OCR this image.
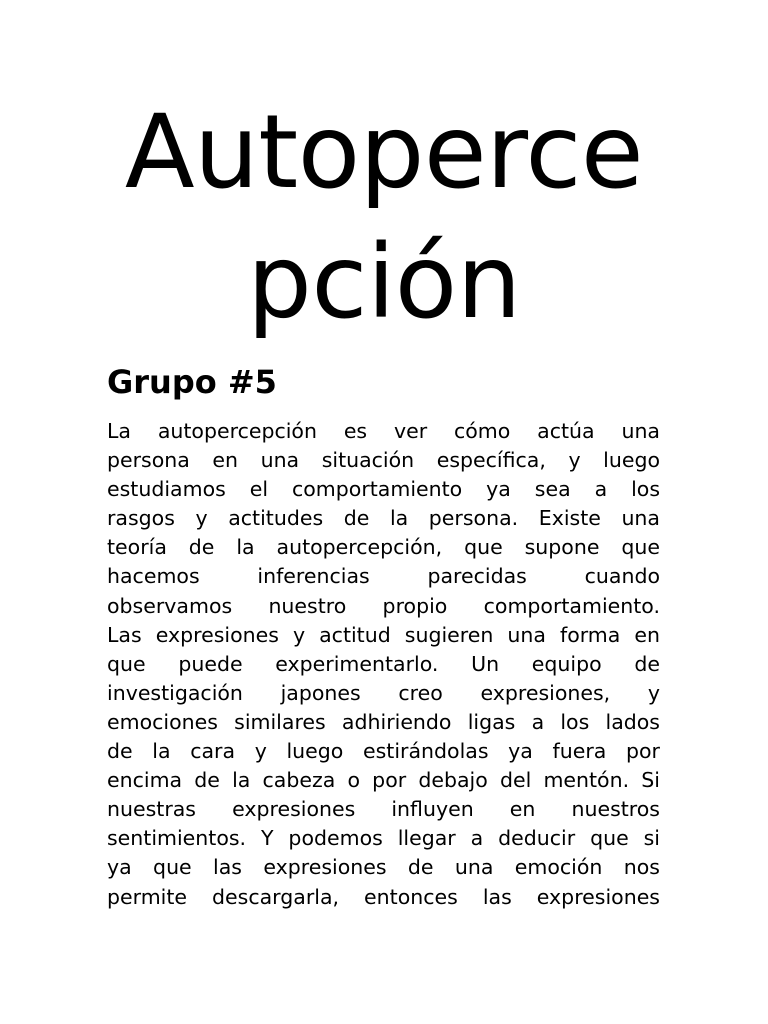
Autoperce
pción
Grupo #5
La autopercepción es ver cómo actúa una
persona en una situación específica, y luego
estudiamos el comportamiento ya sea a los
rasgos y actitudes de la persona. Existe una
teoría de la autopercepción, que supone que
hacemos inferencias parecidas cuando
observamos nuestro propio comportamiento.
Las expresiones y actitud sugieren una forma en
que puede experimentarlo. Un equipo de
investigación japones creo expresiones, y
emociones similares adhiriendo ligas a los lados
de la cara y luego estirándolas ya fuera por
encima de la cabeza o por debajo del mentón. Si
nuestras expresiones influyen en nuestros
sentimientos. Y podemos llegar a deducir que si
ya que las expresiones de una emoción nos
permite descargarla, entonces las expresiones
